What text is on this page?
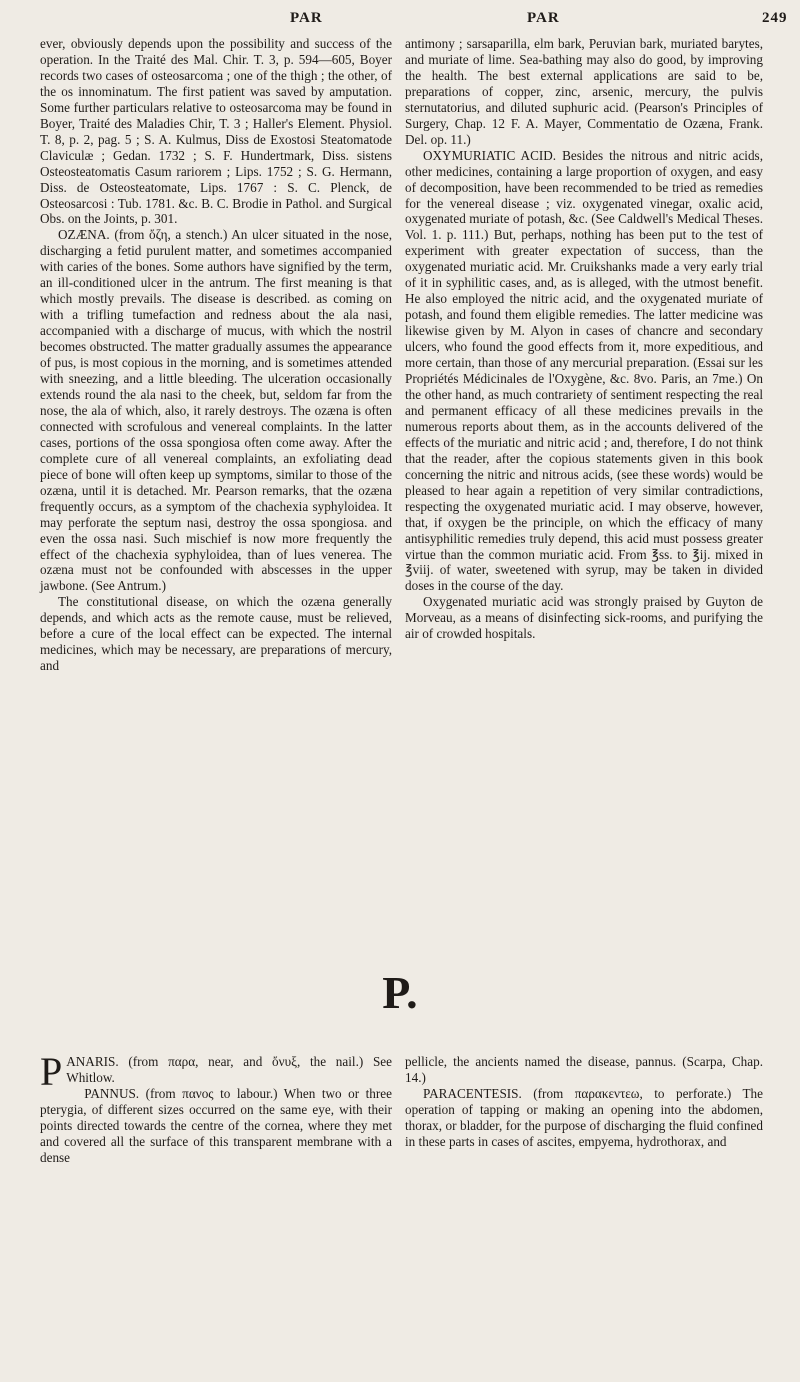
PAR	PAR	249

ever, obviously depends upon the possibility and success of the operation. In the Traité des Mal. Chir. T. 3, p. 594—605, Boyer records two cases of osteosarcoma ; one of the thigh ; the other, of the os innominatum. The first patient was saved by amputation. Some further particulars relative to osteosarcoma may be found in Boyer, Traité des Maladies Chir, T. 3 ; Haller's Element. Physiol. T. 8, p. 2, pag. 5 ; S. A. Kulmus, Diss de Exostosi Steatomatode Claviculæ ; Gedan. 1732 ; S. F. Hundertmark, Diss. sistens Osteosteatomatis Casum rariorem ; Lips. 1752 ; S. G. Hermann, Diss. de Osteosteatomate, Lips. 1767 : S. C. Plenck, de Osteosarcosi : Tub. 1781. &c. B. C. Brodie in Pathol. and Surgical Obs. on the Joints, p. 301.

OZÆNA. (from ὄζη, a stench.) An ulcer situated in the nose, discharging a fetid purulent matter, and sometimes accompanied with caries of the bones. Some authors have signified by the term, an ill-conditioned ulcer in the antrum. The first meaning is that which mostly prevails. The disease is described. as coming on with a trifling tumefaction and redness about the ala nasi, accompanied with a discharge of mucus, with which the nostril becomes obstructed. The matter gradually assumes the appearance of pus, is most copious in the morning, and is sometimes attended with sneezing, and a little bleeding. The ulceration occasionally extends round the ala nasi to the cheek, but, seldom far from the nose, the ala of which, also, it rarely destroys. The ozæna is often connected with scrofulous and venereal complaints. In the latter cases, portions of the ossa spongiosa often come away. After the complete cure of all venereal complaints, an exfoliating dead piece of bone will often keep up symptoms, similar to those of the ozæna, until it is detached. Mr. Pearson remarks, that the ozæna frequently occurs, as a symptom of the chachexia syphyloidea. It may perforate the septum nasi, destroy the ossa spongiosa. and even the ossa nasi. Such mischief is now more frequently the effect of the chachexia syphyloidea, than of lues venerea. The ozæna must not be confounded with abscesses in the upper jawbone. (See Antrum.)

The constitutional disease, on which the ozæna generally depends, and which acts as the remote cause, must be relieved, before a cure of the local effect can be expected. The internal medicines, which may be necessary, are preparations of mercury, and

antimony ; sarsaparilla, elm bark, Peruvian bark, muriated barytes, and muriate of lime. Sea-bathing may also do good, by improving the health. The best external applications are said to be, preparations of copper, zinc, arsenic, mercury, the pulvis sternutatorius, and diluted suphuric acid. (Pearson's Principles of Surgery, Chap. 12 F. A. Mayer, Commentatio de Ozæna, Frank. Del. op. 11.)

OXYMURIATIC ACID. Besides the nitrous and nitric acids, other medicines, containing a large proportion of oxygen, and easy of decomposition, have been recommended to be tried as remedies for the venereal disease ; viz. oxygenated vinegar, oxalic acid, oxygenated muriate of potash, &c. (See Caldwell's Medical Theses. Vol. 1. p. 111.) But, perhaps, nothing has been put to the test of experiment with greater expectation of success, than the oxygenated muriatic acid. Mr. Cruikshanks made a very early trial of it in syphilitic cases, and, as is alleged, with the utmost benefit. He also employed the nitric acid, and the oxygenated muriate of potash, and found them eligible remedies. The latter medicine was likewise given by M. Alyon in cases of chancre and secondary ulcers, who found the good effects from it, more expeditious, and more certain, than those of any mercurial preparation. (Essai sur les Propriétés Médicinales de l'Oxygène, &c. 8vo. Paris, an 7me.) On the other hand, as much contrariety of sentiment respecting the real and permanent efficacy of all these medicines prevails in the numerous reports about them, as in the accounts delivered of the effects of the muriatic and nitric acid ; and, therefore, I do not think that the reader, after the copious statements given in this book concerning the nitric and nitrous acids, (see these words) would be pleased to hear again a repetition of very similar contradictions, respecting the oxygenated muriatic acid. I may observe, however, that, if oxygen be the principle, on which the efficacy of many antisyphilitic remedies truly depend, this acid must possess greater virtue than the common muriatic acid. From ℥ss. to ℥ij. mixed in ℥viij. of water, sweetened with syrup, may be taken in divided doses in the course of the day.

Oxygenated muriatic acid was strongly praised by Guyton de Morveau, as a means of disinfecting sick-rooms, and purifying the air of crowded hospitals.

P.

PANARIS. (from παρα, near, and ὄνυξ, the nail.) See Whitlow.

PANNUS. (from πανος to labour.) When two or three pterygia, of different sizes occurred on the same eye, with their points directed towards the centre of the cornea, where they met and covered all the surface of this transparent membrane with a dense

pellicle, the ancients named the disease, pannus. (Scarpa, Chap. 14.)

PARACENTESIS. (from παρακεντεω, to perforate.) The operation of tapping or making an opening into the abdomen, thorax, or bladder, for the purpose of discharging the fluid confined in these parts in cases of ascites, empyema, hydrothorax, and
